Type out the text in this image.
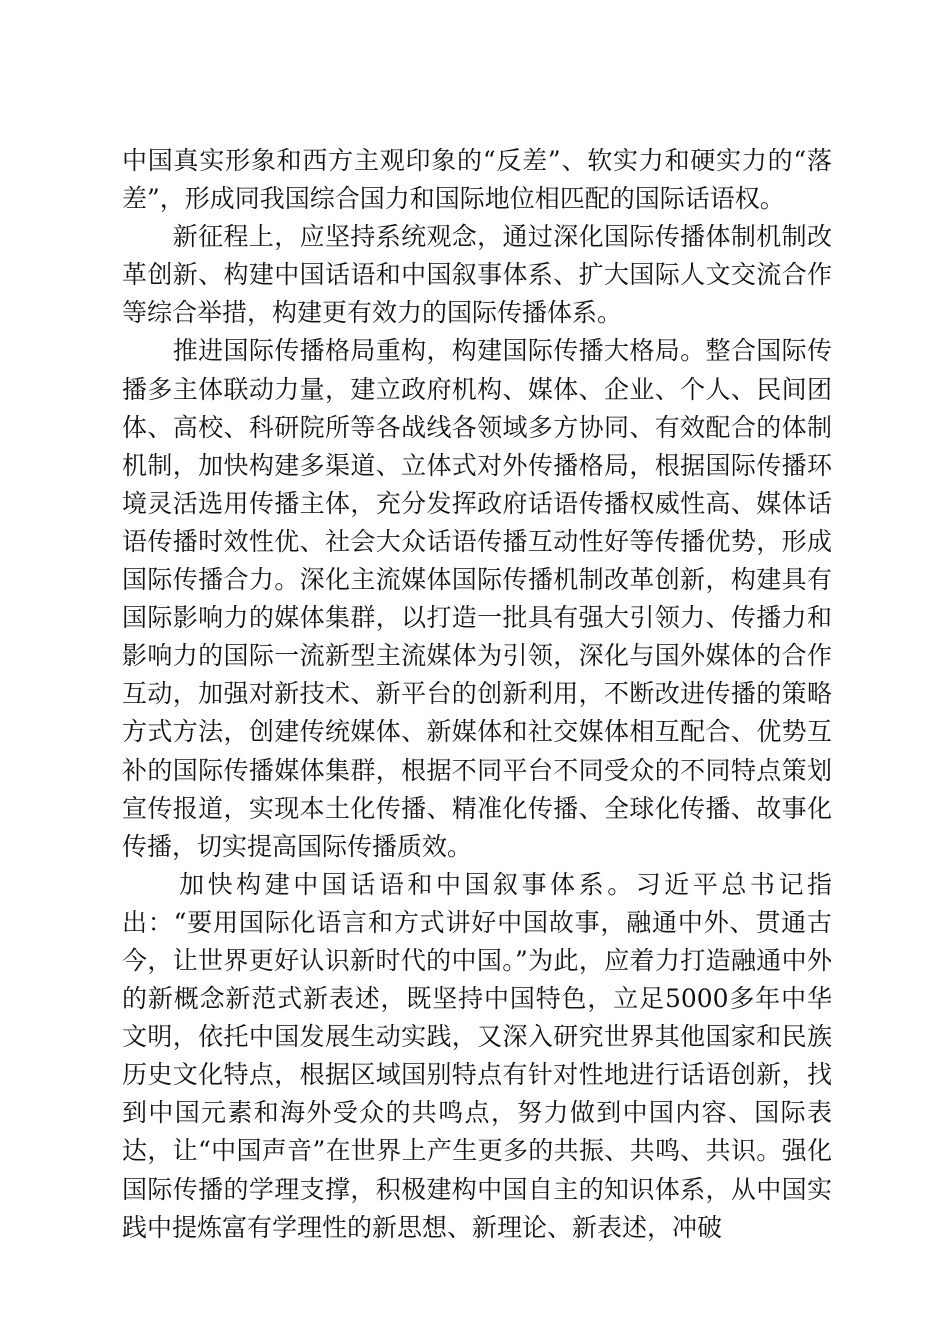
中国真实形象和西方主观印象的“反差”、软实力和硬实力的“落差”，形成同我国综合国力和国际地位相匹配的国际话语权。

　　新征程上，应坚持系统观念，通过深化国际传播体制机制改革创新、构建中国话语和中国叙事体系、扩大国际人文交流合作等综合举措，构建更有效力的国际传播体系。

　　推进国际传播格局重构，构建国际传播大格局。整合国际传播多主体联动力量，建立政府机构、媒体、企业、个人、民间团体、高校、科研院所等各战线各领域多方协同、有效配合的体制机制，加快构建多渠道、立体式对外传播格局，根据国际传播环境灵活选用传播主体，充分发挥政府话语传播权威性高、媒体话语传播时效性优、社会大众话语传播互动性好等传播优势，形成国际传播合力。深化主流媒体国际传播机制改革创新，构建具有国际影响力的媒体集群，以打造一批具有强大引领力、传播力和影响力的国际一流新型主流媒体为引领，深化与国外媒体的合作互动，加强对新技术、新平台的创新利用，不断改进传播的策略方式方法，创建传统媒体、新媒体和社交媒体相互配合、优势互补的国际传播媒体集群，根据不同平台不同受众的不同特点策划宣传报道，实现本土化传播、精准化传播、全球化传播、故事化传播，切实提高国际传播质效。

　　加快构建中国话语和中国叙事体系。习近平总书记指出：“要用国际化语言和方式讲好中国故事，融通中外、贯通古今，让世界更好认识新时代的中国。”为此，应着力打造融通中外的新概念新范式新表述，既坚持中国特色，立足5000多年中华文明，依托中国发展生动实践，又深入研究世界其他国家和民族历史文化特点，根据区域国别特点有针对性地进行话语创新，找到中国元素和海外受众的共鸣点，努力做到中国内容、国际表达，让“中国声音”在世界上产生更多的共振、共鸣、共识。强化国际传播的学理支撑，积极建构中国自主的知识体系，从中国实践中提炼富有学理性的新思想、新理论、新表述，冲破
